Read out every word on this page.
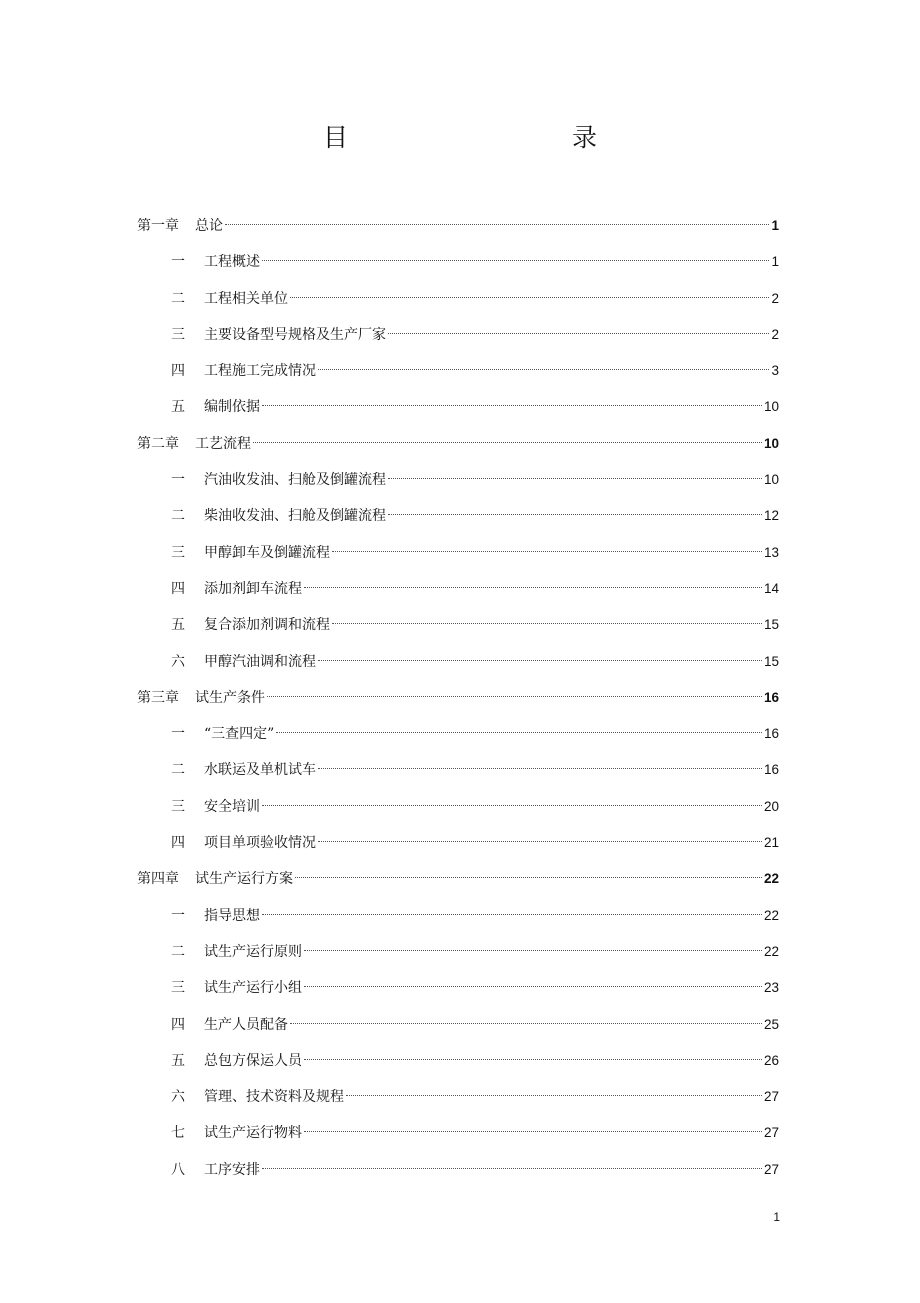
目　　录
第一章	总论	1
一	工程概述	1
二	工程相关单位	2
三	主要设备型号规格及生产厂家	2
四	工程施工完成情况	3
五	编制依据	10
第二章	工艺流程	10
一	汽油收发油、扫舱及倒罐流程	10
二	柴油收发油、扫舱及倒罐流程	12
三	甲醇卸车及倒罐流程	13
四	添加剂卸车流程	14
五	复合添加剂调和流程	15
六	甲醇汽油调和流程	15
第三章	试生产条件	16
一	“三查四定”	16
二	水联运及单机试车	16
三	安全培训	20
四	项目单项验收情况	21
第四章	试生产运行方案	22
一	指导思想	22
二	试生产运行原则	22
三	试生产运行小组	23
四	生产人员配备	25
五	总包方保运人员	26
六	管理、技术资料及规程	27
七	试生产运行物料	27
八	工序安排	27
1
